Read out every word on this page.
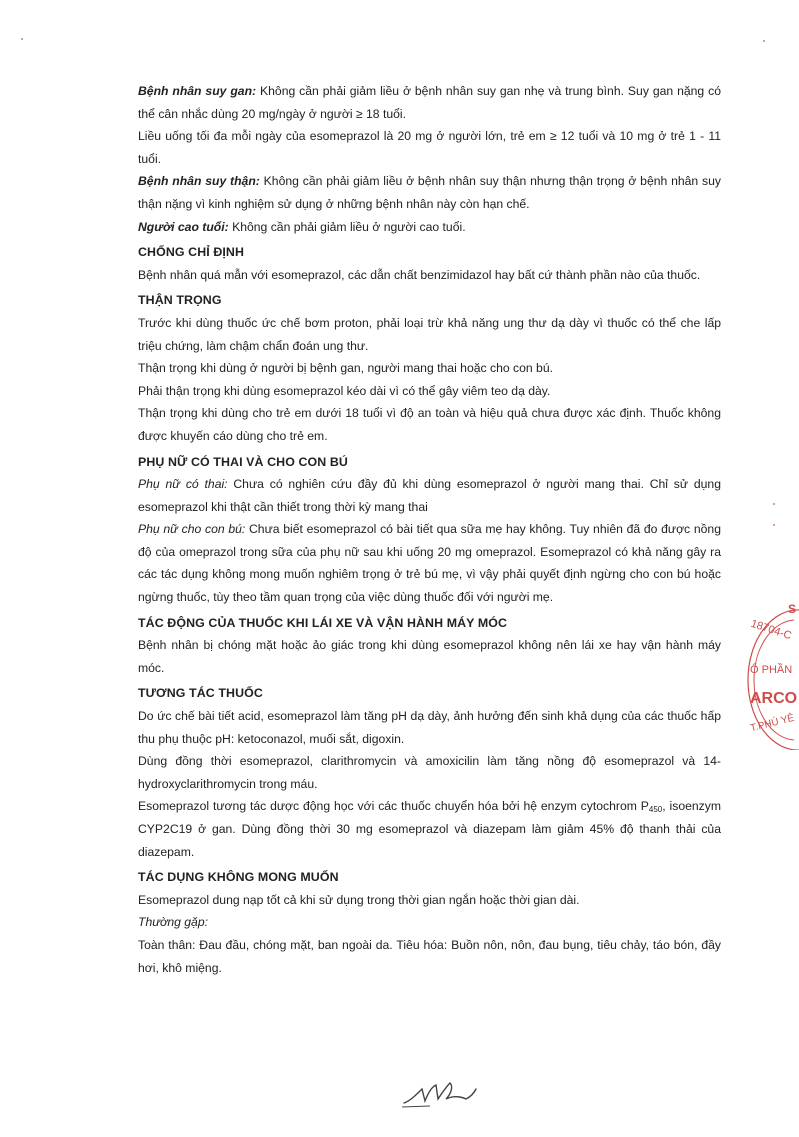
Bệnh nhân suy gan: Không cần phải giảm liều ở bệnh nhân suy gan nhẹ và trung bình. Suy gan nặng có thể cân nhắc dùng 20 mg/ngày ở người ≥ 18 tuổi.

Liều uống tối đa mỗi ngày của esomeprazol là 20 mg ở người lớn, trẻ em ≥ 12 tuổi và 10 mg ở trẻ 1 - 11 tuổi.

Bệnh nhân suy thận: Không cần phải giảm liều ở bệnh nhân suy thận nhưng thận trọng ở bệnh nhân suy thận nặng vì kinh nghiệm sử dụng ở những bệnh nhân này còn hạn chế.

Người cao tuổi: Không cần phải giảm liều ở người cao tuổi.

CHỐNG CHỈ ĐỊNH

Bệnh nhân quá mẫn với esomeprazol, các dẫn chất benzimidazol hay bất cứ thành phần nào của thuốc.

THẬN TRỌNG

Trước khi dùng thuốc ức chế bơm proton, phải loại trừ khả năng ung thư dạ dày vì thuốc có thể che lấp triệu chứng, làm chậm chẩn đoán ung thư.

Thận trọng khi dùng ở người bị bệnh gan, người mang thai hoặc cho con bú.

Phải thận trọng khi dùng esomeprazol kéo dài vì có thể gây viêm teo dạ dày.

Thận trọng khi dùng cho trẻ em dưới 18 tuổi vì độ an toàn và hiệu quả chưa được xác định. Thuốc không được khuyến cáo dùng cho trẻ em.

PHỤ NỮ CÓ THAI VÀ CHO CON BÚ

Phụ nữ có thai: Chưa có nghiên cứu đầy đủ khi dùng esomeprazol ở người mang thai. Chỉ sử dụng esomeprazol khi thật cần thiết trong thời kỳ mang thai

Phụ nữ cho con bú: Chưa biết esomeprazol có bài tiết qua sữa mẹ hay không. Tuy nhiên đã đo được nồng độ của omeprazol trong sữa của phụ nữ sau khi uống 20 mg omeprazol. Esomeprazol có khả năng gây ra các tác dụng không mong muốn nghiêm trọng ở trẻ bú mẹ, vì vậy phải quyết định ngừng cho con bú hoặc ngừng thuốc, tùy theo tầm quan trọng của việc dùng thuốc đối với người mẹ.

TÁC ĐỘNG CỦA THUỐC KHI LÁI XE VÀ VẬN HÀNH MÁY MÓC

Bệnh nhân bị chóng mặt hoặc ảo giác trong khi dùng esomeprazol không nên lái xe hay vận hành máy móc.

TƯƠNG TÁC THUỐC

Do ức chế bài tiết acid, esomeprazol làm tăng pH dạ dày, ảnh hưởng đến sinh khả dụng của các thuốc hấp thu phụ thuộc pH: ketoconazol, muối sắt, digoxin.

Dùng đồng thời esomeprazol, clarithromycin và amoxicilin làm tăng nồng độ esomeprazol và 14-hydroxyclarithromycin trong máu.

Esomeprazol tương tác dược động học với các thuốc chuyển hóa bởi hệ enzym cytochrom $P_{450}$, isoenzym CYP2C19 ở gan. Dùng đồng thời 30 mg esomeprazol và diazepam làm giảm 45% độ thanh thải của diazepam.

TÁC DỤNG KHÔNG MONG MUỐN

Esomeprazol dung nạp tốt cả khi sử dụng trong thời gian ngắn hoặc thời gian dài.

Thường gặp:

Toàn thân: Đau đầu, chóng mặt, ban ngoài da. Tiêu hóa: Buồn nôn, nôn, đau bụng, tiêu chảy, táo bón, đầy hơi, khô miệng.

S
18704-C
Ổ PHẦN
ARCO
T.PHÚ YÊ
